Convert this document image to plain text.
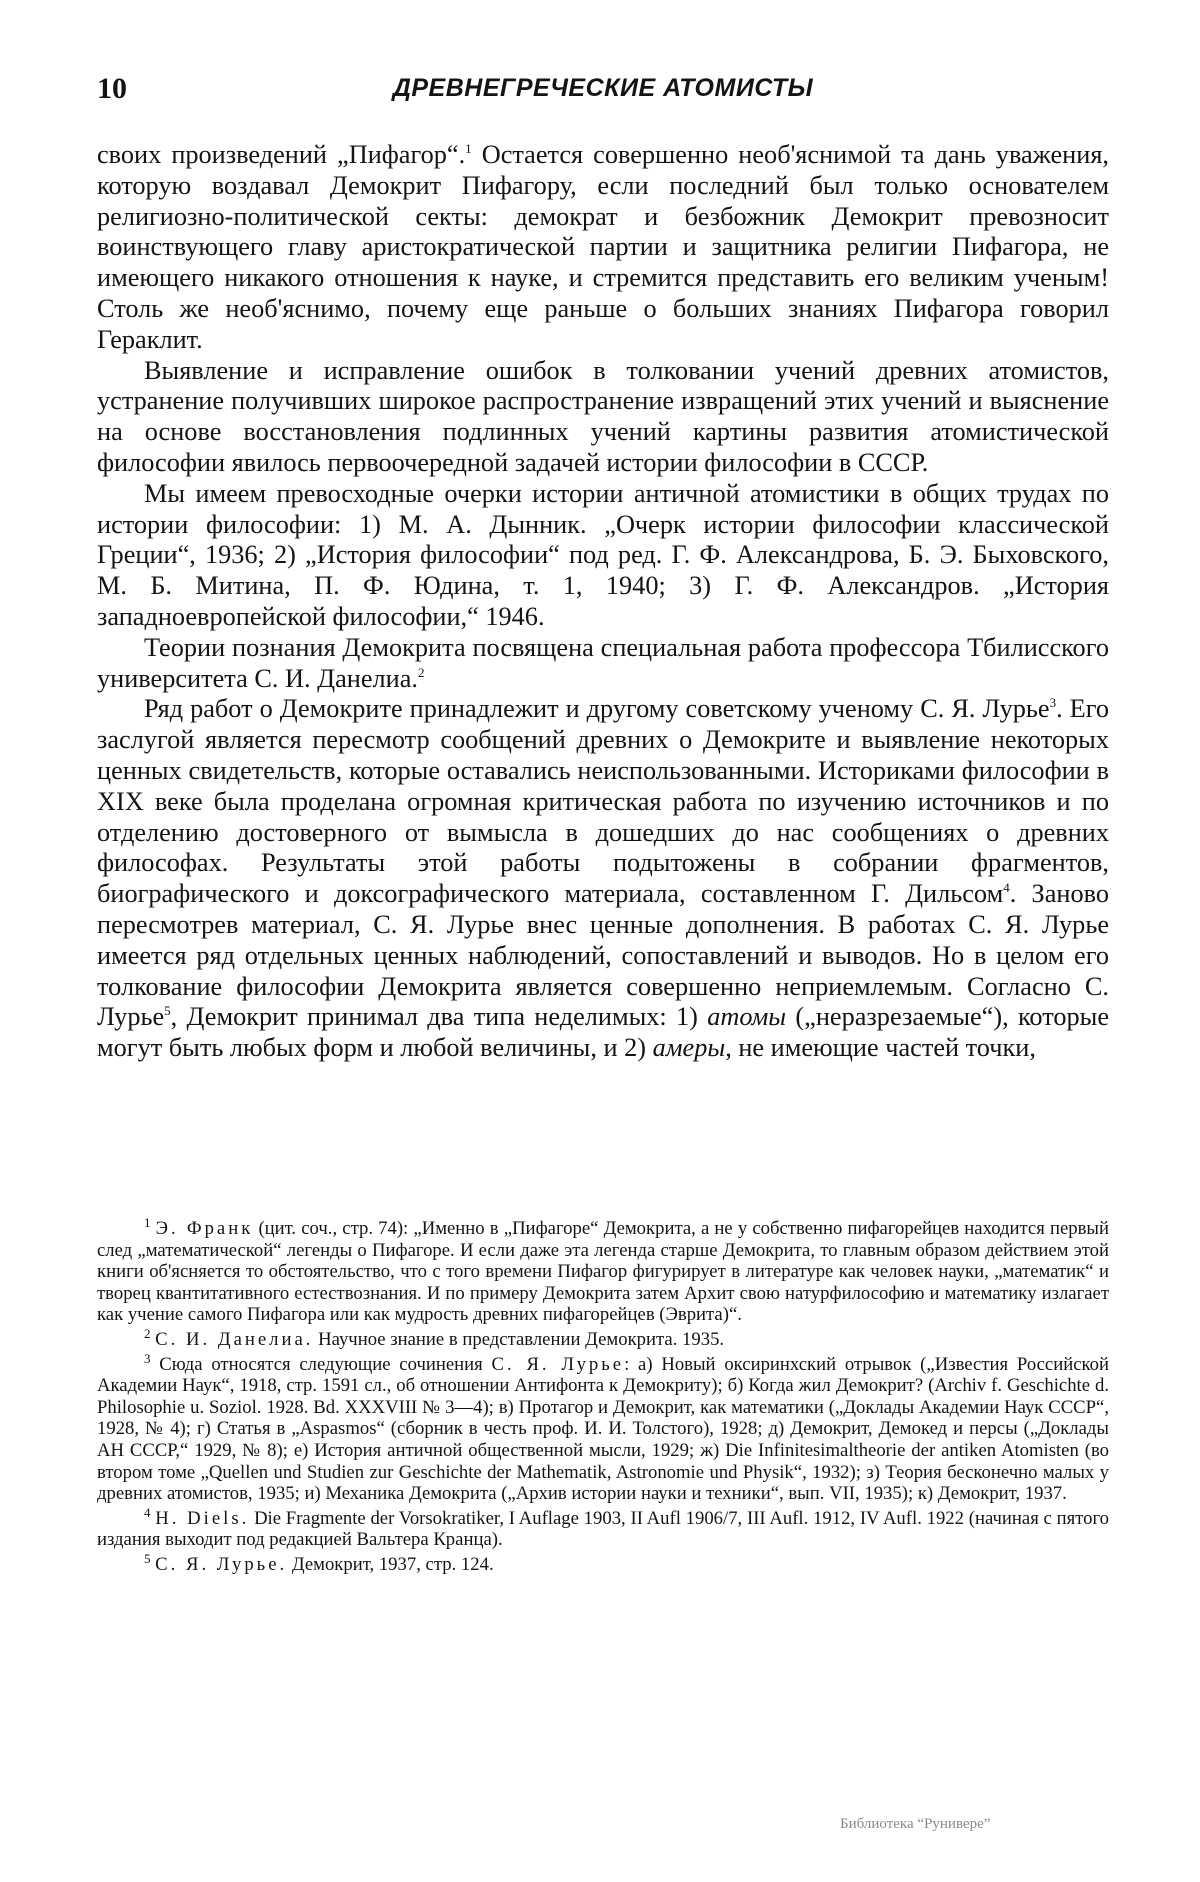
10	ДРЕВНЕГРЕЧЕСКИЕ АТОМИСТЫ

своих произведений „Пифагор“.$^1$ Остается совершенно необ'яснимой та дань уважения, которую воздавал Демокрит Пифагору, если последний был только основателем религиозно-политической секты: демократ и безбожник Демокрит превозносит воинствующего главу аристократической партии и защитника религии Пифагора, не имеющего никакого отношения к науке, и стремится представить его великим ученым! Столь же необ'яснимо, почему еще раньше о больших знаниях Пифагора говорил Гераклит.

Выявление и исправление ошибок в толковании учений древних атомистов, устранение получивших широкое распространение извращений этих учений и выяснение на основе восстановления подлинных учений картины развития атомистической философии явилось первоочередной задачей истории философии в СССР.

Мы имеем превосходные очерки истории античной атомистики в общих трудах по истории философии: 1) М. А. Дынник. „Очерк истории философии классической Греции“, 1936; 2) „История философии“ под ред. Г. Ф. Александрова, Б. Э. Быховского, М. Б. Митина, П. Ф. Юдина, т. 1, 1940; 3) Г. Ф. Александров. „История западноевропейской философии,“ 1946.

Теории познания Демокрита посвящена специальная работа профессора Тбилисского университета С. И. Данелиа.$^2$

Ряд работ о Демокрите принадлежит и другому советскому ученому С. Я. Лурье$^3$. Его заслугой является пересмотр сообщений древних о Демокрите и выявление некоторых ценных свидетельств, которые оставались неиспользованными. Историками философии в XIX веке была проделана огромная критическая работа по изучению источников и по отделению достоверного от вымысла в дошедших до нас сообщениях о древних философах. Результаты этой работы подытожены в собрании фрагментов, биографического и доксографического материала, составленном Г. Дильсом$^4$. Заново пересмотрев материал, С. Я. Лурье внес ценные дополнения. В работах С. Я. Лурье имеется ряд отдельных ценных наблюдений, сопоставлений и выводов. Но в целом его толкование философии Демокрита является совершенно неприемлемым. Согласно С. Лурье$^5$, Демокрит принимал два типа неделимых: 1) атомы („неразрезаемые“), которые могут быть любых форм и любой величины, и 2) амеры, не имеющие частей точки,

$^1$ Э. Франк (цит. соч., стр. 74): „Именно в „Пифагоре“ Демокрита, а не у собственно пифагорейцев находится первый след „математической“ легенды о Пифагоре. И если даже эта легенда старше Демокрита, то главным образом действием этой книги об'ясняется то обстоятельство, что с того времени Пифагор фигурирует в литературе как человек науки, „математик“ и творец квантитативного естествознания. И по примеру Демокрита затем Архит свою натурфилософию и математику излагает как учение самого Пифагора или как мудрость древних пифагорейцев (Эврита)“.

$^2$ С. И. Данелиа. Научное знание в представлении Демокрита. 1935.

$^3$ Сюда относятся следующие сочинения С. Я. Лурье: а) Новый оксиринхский отрывок („Известия Российской Академии Наук“, 1918, стр. 1591 сл., об отношении Антифонта к Демокриту); б) Когда жил Демокрит? (Archiv f. Geschichte d. Philosophie u. Soziol. 1928. Bd. XXXVIII № 3—4); в) Протагор и Демокрит, как математики („Доклады Академии Наук СССР“, 1928, № 4); г) Статья в „Aspasmos“ (сборник в честь проф. И. И. Толстого), 1928; д) Демокрит, Демокед и персы („Доклады АН СССР,“ 1929, № 8); е) История античной общественной мысли, 1929; ж) Die Infinitesimaltheorie der antiken Atomisten (во втором томе „Quellen und Studien zur Geschichte der Mathematik, Astronomie und Physik“, 1932); з) Теория бесконечно малых у древних атомистов, 1935; и) Механика Демокрита („Архив истории науки и техники“, вып. VII, 1935); к) Демокрит, 1937.

$^4$ H. Diels. Die Fragmente der Vorsokratiker, I Auflage 1903, II Aufl 1906/7, III Aufl. 1912, IV Aufl. 1922 (начиная с пятого издания выходит под редакцией Вальтера Кранца).

$^5$ С. Я. Лурье. Демокрит, 1937, стр. 124.

Библиотека “Рунивере”
